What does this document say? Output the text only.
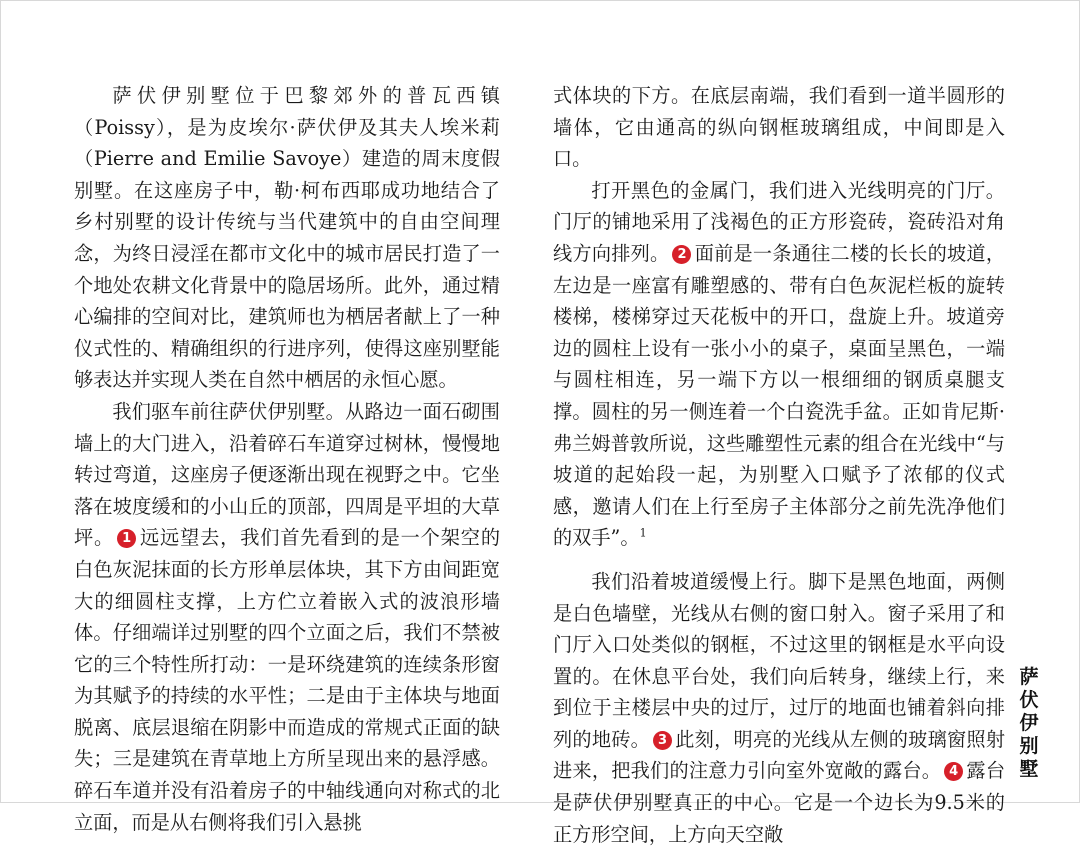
萨伏伊别墅位于巴黎郊外的普瓦西镇（Poissy），是为皮埃尔·萨伏伊及其夫人埃米莉（Pierre and Emilie Savoye）建造的周末度假别墅。在这座房子中，勒·柯布西耶成功地结合了乡村别墅的设计传统与当代建筑中的自由空间理念，为终日浸淫在都市文化中的城市居民打造了一个地处农耕文化背景中的隐居场所。此外，通过精心编排的空间对比，建筑师也为栖居者献上了一种仪式性的、精确组织的行进序列，使得这座别墅能够表达并实现人类在自然中栖居的永恒心愿。

我们驱车前往萨伏伊别墅。从路边一面石砌围墙上的大门进入，沿着碎石车道穿过树林，慢慢地转过弯道，这座房子便逐渐出现在视野之中。它坐落在坡度缓和的小山丘的顶部，四周是平坦的大草坪。 1 远远望去，我们首先看到的是一个架空的白色灰泥抹面的长方形单层体块，其下方由间距宽大的细圆柱支撑，上方伫立着嵌入式的波浪形墙体。仔细端详过别墅的四个立面之后，我们不禁被它的三个特性所打动：一是环绕建筑的连续条形窗为其赋予的持续的水平性；二是由于主体块与地面脱离、底层退缩在阴影中而造成的常规式正面的缺失；三是建筑在青草地上方所呈现出来的悬浮感。碎石车道并没有沿着房子的中轴线通向对称式的北立面，而是从右侧将我们引入悬挑

式体块的下方。在底层南端，我们看到一道半圆形的墙体，它由通高的纵向钢框玻璃组成，中间即是入口。

打开黑色的金属门，我们进入光线明亮的门厅。门厅的铺地采用了浅褐色的正方形瓷砖，瓷砖沿对角线方向排列。 2 面前是一条通往二楼的长长的坡道，左边是一座富有雕塑感的、带有白色灰泥栏板的旋转楼梯，楼梯穿过天花板中的开口，盘旋上升。坡道旁边的圆柱上设有一张小小的桌子，桌面呈黑色，一端与圆柱相连，另一端下方以一根细细的钢质桌腿支撑。圆柱的另一侧连着一个白瓷洗手盆。正如肯尼斯·弗兰姆普敦所说，这些雕塑性元素的组合在光线中“与坡道的起始段一起，为别墅入口赋予了浓郁的仪式感，邀请人们在上行至房子主体部分之前先洗净他们的双手”。$^1$

我们沿着坡道缓慢上行。脚下是黑色地面，两侧是白色墙壁，光线从右侧的窗口射入。窗子采用了和门厅入口处类似的钢框，不过这里的钢框是水平向设置的。在休息平台处，我们向后转身，继续上行，来到位于主楼层中央的过厅，过厅的地面也铺着斜向排列的地砖。 3 此刻，明亮的光线从左侧的玻璃窗照射进来，把我们的注意力引向室外宽敞的露台。 4 露台是萨伏伊别墅真正的中心。它是一个边长为9.5米的正方形空间，上方向天空敞

萨
伏
伊
别
墅
